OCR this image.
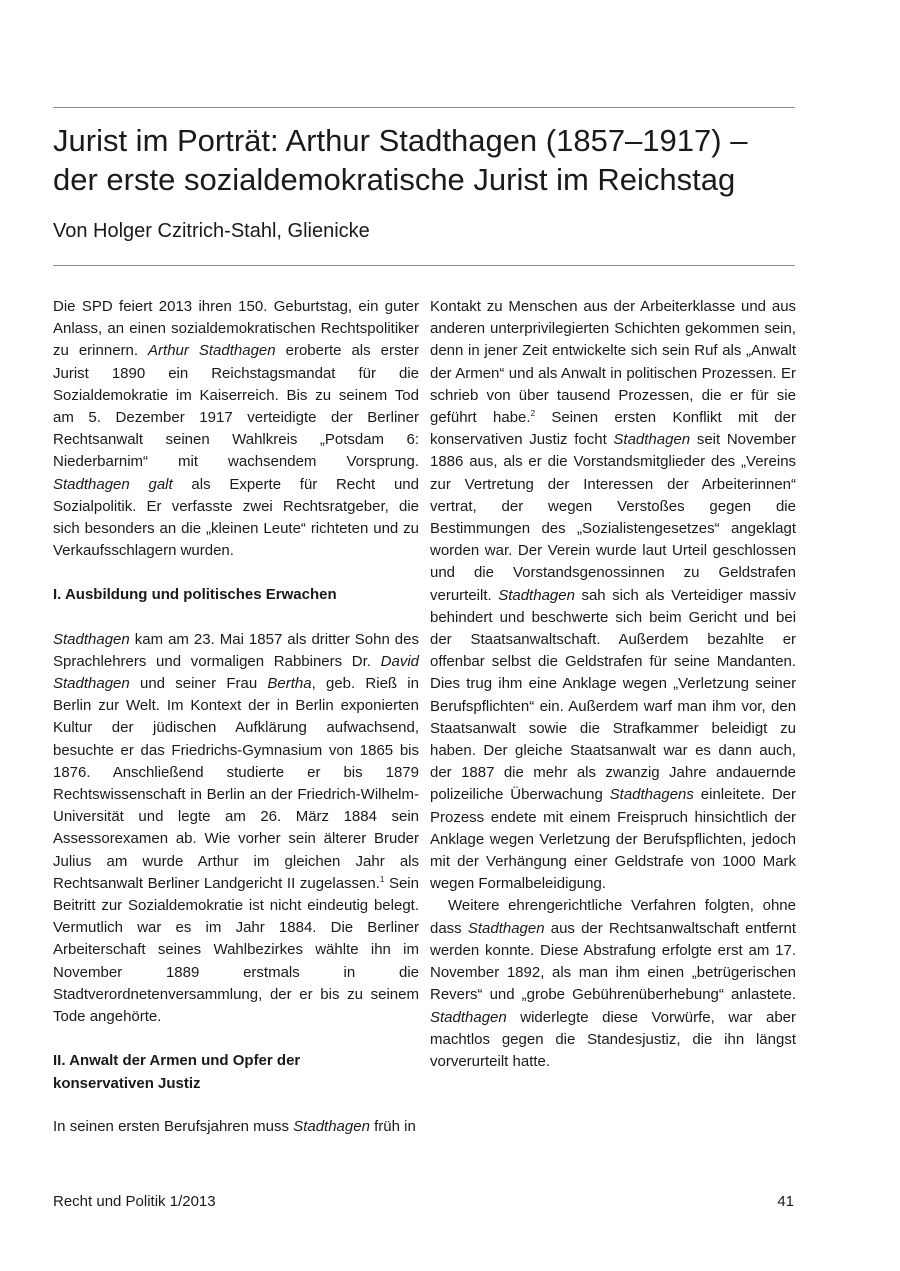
Jurist im Porträt: Arthur Stadthagen (1857–1917) –
der erste sozialdemokratische Jurist im Reichstag
Von Holger Czitrich-Stahl, Glienicke

Die SPD feiert 2013 ihren 150. Geburtstag, ein guter Anlass, an einen sozialdemokratischen Rechtspolitiker zu erinnern. Arthur Stadthagen eroberte als erster Jurist 1890 ein Reichstagsmandat für die Sozialdemokratie im Kaiserreich. Bis zu seinem Tod am 5. Dezember 1917 verteidigte der Berliner Rechtsanwalt seinen Wahlkreis „Potsdam 6: Niederbarnim“ mit wachsendem Vorsprung. Stadthagen galt als Experte für Recht und Sozialpolitik. Er verfasste zwei Rechtsratgeber, die sich besonders an die „kleinen Leute“ richteten und zu Verkaufsschlagern wurden.

I. Ausbildung und politisches Erwachen

Stadthagen kam am 23. Mai 1857 als dritter Sohn des Sprachlehrers und vormaligen Rabbiners Dr. David Stadthagen und seiner Frau Bertha, geb. Rieß in Berlin zur Welt. Im Kontext der in Berlin exponierten Kultur der jüdischen Aufklärung aufwachsend, besuchte er das Friedrichs-Gymnasium von 1865 bis 1876. Anschließend studierte er bis 1879 Rechtswissenschaft in Berlin an der Friedrich-Wilhelm-Universität und legte am 26. März 1884 sein Assessorexamen ab. Wie vorher sein älterer Bruder Julius am wurde Arthur im gleichen Jahr als Rechtsanwalt Berliner Landgericht II zugelassen.$^1$ Sein Beitritt zur Sozialdemokratie ist nicht eindeutig belegt. Vermutlich war es im Jahr 1884. Die Berliner Arbeiterschaft seines Wahlbezirkes wählte ihn im November 1889 erstmals in die Stadtverordnetenversammlung, der er bis zu seinem Tode angehörte.

II. Anwalt der Armen und Opfer der
konservativen Justiz

In seinen ersten Berufsjahren muss Stadthagen früh in

Kontakt zu Menschen aus der Arbeiterklasse und aus anderen unterprivilegierten Schichten gekommen sein, denn in jener Zeit entwickelte sich sein Ruf als „Anwalt der Armen“ und als Anwalt in politischen Prozessen. Er schrieb von über tausend Prozessen, die er für sie geführt habe.$^2$ Seinen ersten Konflikt mit der konservativen Justiz focht Stadthagen seit November 1886 aus, als er die Vorstandsmitglieder des „Vereins zur Vertretung der Interessen der Arbeiterinnen“ vertrat, der wegen Verstoßes gegen die Bestimmungen des „Sozialistengesetzes“ angeklagt worden war. Der Verein wurde laut Urteil geschlossen und die Vorstandsgenossinnen zu Geldstrafen verurteilt. Stadthagen sah sich als Verteidiger massiv behindert und beschwerte sich beim Gericht und bei der Staatsanwaltschaft. Außerdem bezahlte er offenbar selbst die Geldstrafen für seine Mandanten. Dies trug ihm eine Anklage wegen „Verletzung seiner Berufspflichten“ ein. Außerdem warf man ihm vor, den Staatsanwalt sowie die Strafkammer beleidigt zu haben. Der gleiche Staatsanwalt war es dann auch, der 1887 die mehr als zwanzig Jahre andauernde polizeiliche Überwachung Stadthagens einleitete. Der Prozess endete mit einem Freispruch hinsichtlich der Anklage wegen Verletzung der Berufspflichten, jedoch mit der Verhängung einer Geldstrafe von 1000 Mark wegen Formalbeleidigung.

Weitere ehrengerichtliche Verfahren folgten, ohne dass Stadthagen aus der Rechtsanwaltschaft entfernt werden konnte. Diese Abstrafung erfolgte erst am 17. November 1892, als man ihm einen „betrügerischen Revers“ und „grobe Gebührenüberhebung“ anlastete. Stadthagen widerlegte diese Vorwürfe, war aber machtlos gegen die Standesjustiz, die ihn längst vorverurteilt hatte.

Recht und Politik 1/2013	41
